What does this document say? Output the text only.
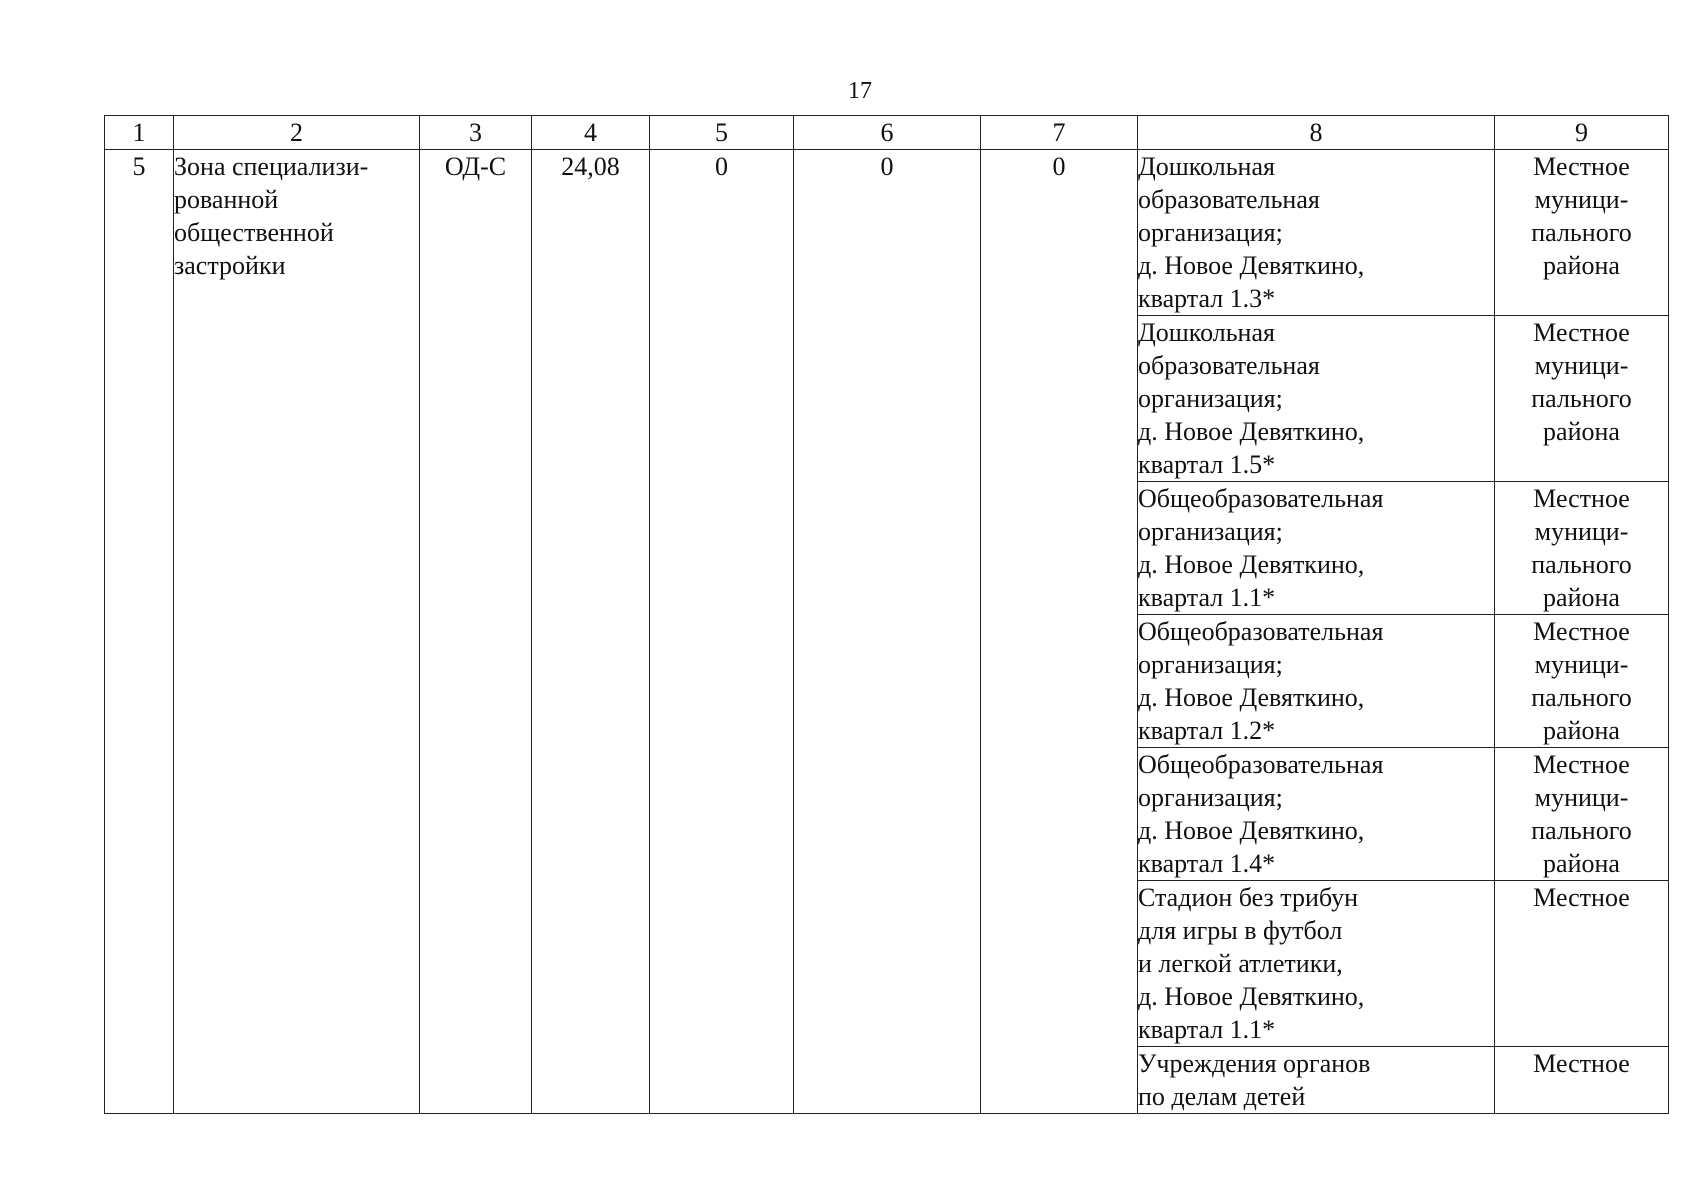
17
1	2	3	4	5	6	7	8	9
5	Зона специализи-
рованной
общественной
застройки	ОД-С	24,08	0	0	0	Дошкольная
образовательная
организация;
д. Новое Девяткино,
квартал 1.3*	Местное
муници-
пального
района
							Дошкольная
образовательная
организация;
д. Новое Девяткино,
квартал 1.5*	Местное
муници-
пального
района
							Общеобразовательная
организация;
д. Новое Девяткино,
квартал 1.1*	Местное
муници-
пального
района
							Общеобразовательная
организация;
д. Новое Девяткино,
квартал 1.2*	Местное
муници-
пального
района
							Общеобразовательная
организация;
д. Новое Девяткино,
квартал 1.4*	Местное
муници-
пального
района
							Стадион без трибун
для игры в футбол
и легкой атлетики,
д. Новое Девяткино,
квартал 1.1*	Местное
							Учреждения органов
по делам детей	Местное
